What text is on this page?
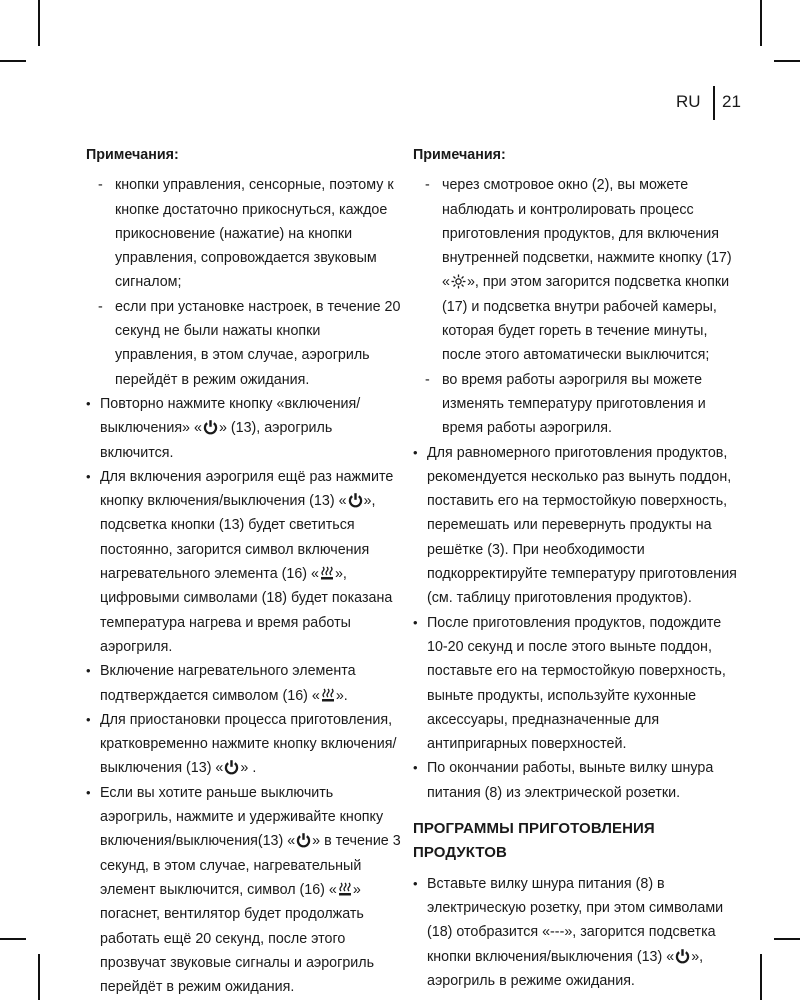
RU 21
Примечания:
- кнопки управления, сенсорные, поэтому к кнопке достаточно прикоснуться, каждое прикосновение (нажатие) на кнопки управления, сопровождается звуковым сигналом;
- если при установке настроек, в течение 20 секунд не были нажаты кнопки управления, в этом случае, аэрогриль перейдёт в режим ожидания.
• Повторно нажмите кнопку «включения/выключения» « » (13), аэрогриль включится.
• Для включения аэрогриля ещё раз нажмите кнопку включения/выключения (13) « », подсветка кнопки (13) будет светиться постоянно, загорится символ включения нагревательного элемента (16) « », цифровыми символами (18) будет показана температура нагрева и время работы аэрогриля.
• Включение нагревательного элемента подтверждается символом (16) « ».
• Для приостановки процесса приготовления, кратковременно нажмите кнопку включения/выключения (13) « » .
• Если вы хотите раньше выключить аэрогриль, нажмите и удерживайте кнопку включения/выключения(13) « » в течение 3 секунд, в этом случае, нагревательный элемент выключится, символ (16) « » погаснет, вентилятор будет продолжать работать ещё 20 секунд, после этого прозвучат звуковые сигналы и аэрогриль перейдёт в режим ожидания.
Примечания:
- через смотровое окно (2), вы можете наблюдать и контролировать процесс приготовления продуктов, для включения внутренней подсветки, нажмите кнопку (17) « », при этом загорится подсветка кнопки (17) и подсветка внутри рабочей камеры, которая будет гореть в течение минуты, после этого автоматически выключится;
- во время работы аэрогриля вы можете изменять температуру приготовления и время работы аэрогриля.
• Для равномерного приготовления продуктов, рекомендуется несколько раз вынуть поддон, поставить его на термостойкую поверхность, перемешать или перевернуть продукты на решётке (3). При необходимости подкорректируйте температуру приготовления (см. таблицу приготовления продуктов).
• После приготовления продуктов, подождите 10-20 секунд и после этого выньте поддон, поставьте его на термостойкую поверхность, выньте продукты, используйте кухонные аксессуары, предназначенные для антипригарных поверхностей.
• По окончании работы, выньте вилку шнура питания (8) из электрической розетки.
ПРОГРАММЫ ПРИГОТОВЛЕНИЯ ПРОДУКТОВ
• Вставьте вилку шнура питания (8) в электрическую розетку, при этом символами (18) отобразится «---», загорится подсветка кнопки включения/выключения (13) « », аэрогриль в режиме ожидания.
